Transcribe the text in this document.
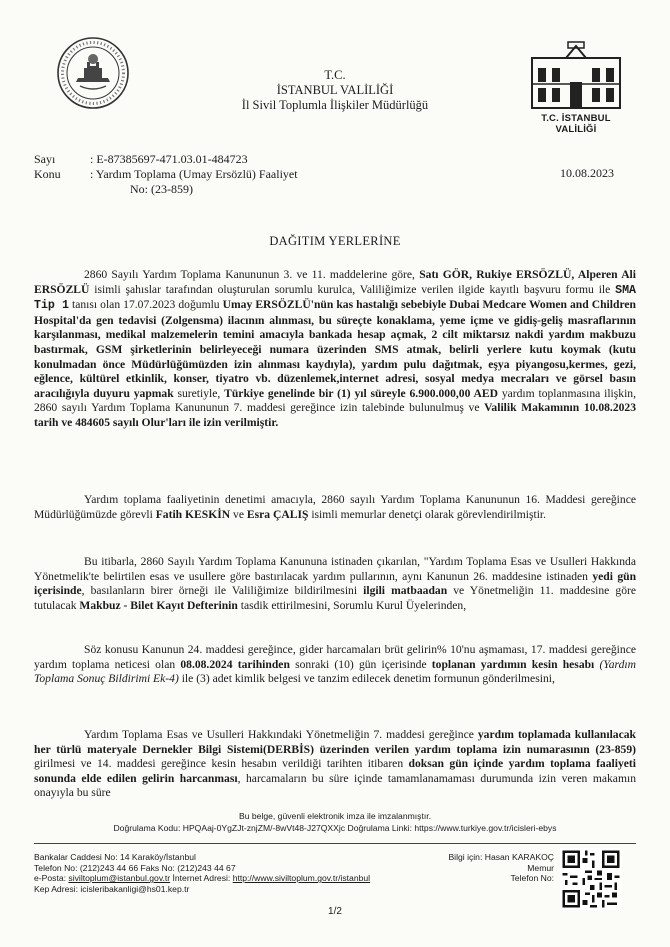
T.C. İSTANBUL VALİLİĞİ
T.C.
İSTANBUL VALİLİĞİ
İl Sivil Toplumla İlişkiler Müdürlüğü
Sayı	: E-87385697-471.03.01-484723
Konu	: Yardım Toplama (Umay Ersözlü) Faaliyet
No: (23-859)
10.08.2023
DAĞITIM YERLERİNE

2860 Sayılı Yardım Toplama Kanununun 3. ve 11. maddelerine göre, Satı GÖR, Rukiye ERSÖZLÜ, Alperen Ali ERSÖZLÜ isimli şahıslar tarafından oluşturulan sorumlu kurulca, Valiliğimize verilen ilgide kayıtlı başvuru formu ile SMA Tip 1 tanısı olan 17.07.2023 doğumlu Umay ERSÖZLÜ'nün kas hastalığı sebebiyle Dubai Medcare Women and Children Hospital'da gen tedavisi (Zolgensma) ilacının alınması, bu süreçte konaklama, yeme içme ve gidiş-geliş masraflarının karşılanması, medikal malzemelerin temini amacıyla bankada hesap açmak, 2 cilt miktarsız nakdi yardım makbuzu bastırmak, GSM şirketlerinin belirleyeceği numara üzerinden SMS atmak, belirli yerlere kutu koymak (kutu konulmadan önce Müdürlüğümüzden izin alınması kaydıyla), yardım pulu dağıtmak, eşya piyangosu,kermes, gezi, eğlence, kültürel etkinlik, konser, tiyatro vb. düzenlemek,internet adresi, sosyal medya mecraları ve görsel basın aracılığıyla duyuru yapmak suretiyle, Türkiye genelinde bir (1) yıl süreyle 6.900.000,00 AED yardım toplanmasına ilişkin, 2860 sayılı Yardım Toplama Kanununun 7. maddesi gereğince izin talebinde bulunulmuş ve Valilik Makamının 10.08.2023 tarih ve 484605 sayılı Olur'ları ile izin verilmiştir.

Yardım toplama faaliyetinin denetimi amacıyla, 2860 sayılı Yardım Toplama Kanununun 16. Maddesi gereğince Müdürlüğümüzde görevli Fatih KESKİN ve Esra ÇALIŞ isimli memurlar denetçi olarak görevlendirilmiştir.

Bu itibarla, 2860 Sayılı Yardım Toplama Kanununa istinaden çıkarılan, "Yardım Toplama Esas ve Usulleri Hakkında Yönetmelik'te belirtilen esas ve usullere göre bastırılacak yardım pullarının, aynı Kanunun 26. maddesine istinaden yedi gün içerisinde, basılanların birer örneği ile Valiliğimize bildirilmesini ilgili matbaadan ve Yönetmeliğin 11. maddesine göre tutulacak Makbuz - Bilet Kayıt Defterinin tasdik ettirilmesini, Sorumlu Kurul Üyelerinden,

Söz konusu Kanunun 24. maddesi gereğince, gider harcamaları brüt gelirin% 10'nu aşmaması, 17. maddesi gereğince yardım toplama neticesi olan 08.08.2024 tarihinden sonraki (10) gün içerisinde toplanan yardımın kesin hesabı (Yardım Toplama Sonuç Bildirimi Ek-4) ile (3) adet kimlik belgesi ve tanzim edilecek denetim formunun gönderilmesini,

Yardım Toplama Esas ve Usulleri Hakkındaki Yönetmeliğin 7. maddesi gereğince yardım toplamada kullanılacak her türlü materyale Dernekler Bilgi Sistemi(DERBİS) üzerinden verilen yardım toplama izin numarasının (23-859) girilmesi ve 14. maddesi gereğince kesin hesabın verildiği tarihten itibaren doksan gün içinde yardım toplama faaliyeti sonunda elde edilen gelirin harcanması, harcamaların bu süre içinde tamamlanamaması durumunda izin veren makamın onayıyla bu süre

Bu belge, güvenli elektronik imza ile imzalanmıştır.
Doğrulama Kodu: HPQAaj-0YgZJt-znjZM/-8wVt48-J27QXXjc Doğrulama Linki: https://www.turkiye.gov.tr/icisleri-ebys
Bankalar Caddesi No: 14 Karaköy/İstanbul
Telefon No: (212)243 44 66 Faks No: (212)243 44 67
e-Posta: siviltoplum@istanbul.gov.tr İnternet Adresi: http://www.siviltoplum.gov.tr/istanbul
Kep Adresi: icisleribakanligi@hs01.kep.tr
Bilgi için: Hasan KARAKOÇ
Memur
Telefon No:
1/2
